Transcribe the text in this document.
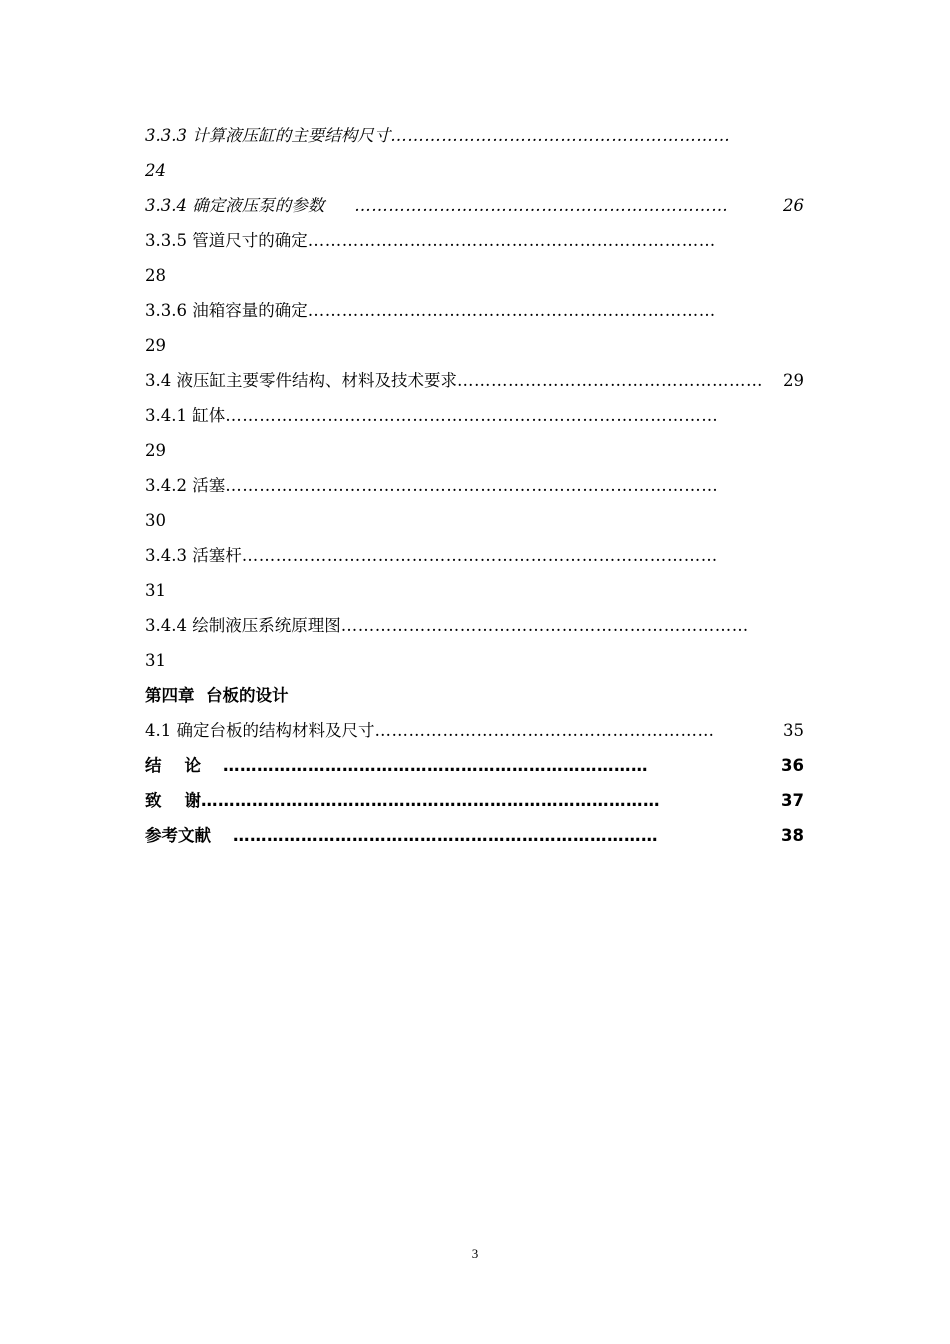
3.3.3 计算液压缸的主要结构尺寸 ……………………………………………………
24
3.3.4 确定液压泵的参数 …………………………………………………………	26
3.3.5 管道尺寸的确定 ………………………………………………………………
28
3.3.6 油箱容量的确定 ………………………………………………………………
29
3.4 液压缸主要零件结构、材料及技术要求 ………………………………………………	29
3.4.1 缸体 ……………………………………………………………………………
29
3.4.2 活塞 ……………………………………………………………………………
30
3.4.3 活塞杆 …………………………………………………………………………
31
3.4.4 绘制液压系统原理图 ………………………………………………………………
31
第四章  台板的设计
4.1 确定台板的结构材料及尺寸 ……………………………………………………	35
结    论 …………………………………………………………………	36
致    谢 ………………………………………………………………………	37
参考文献 …………………………………………………………………	38
3
